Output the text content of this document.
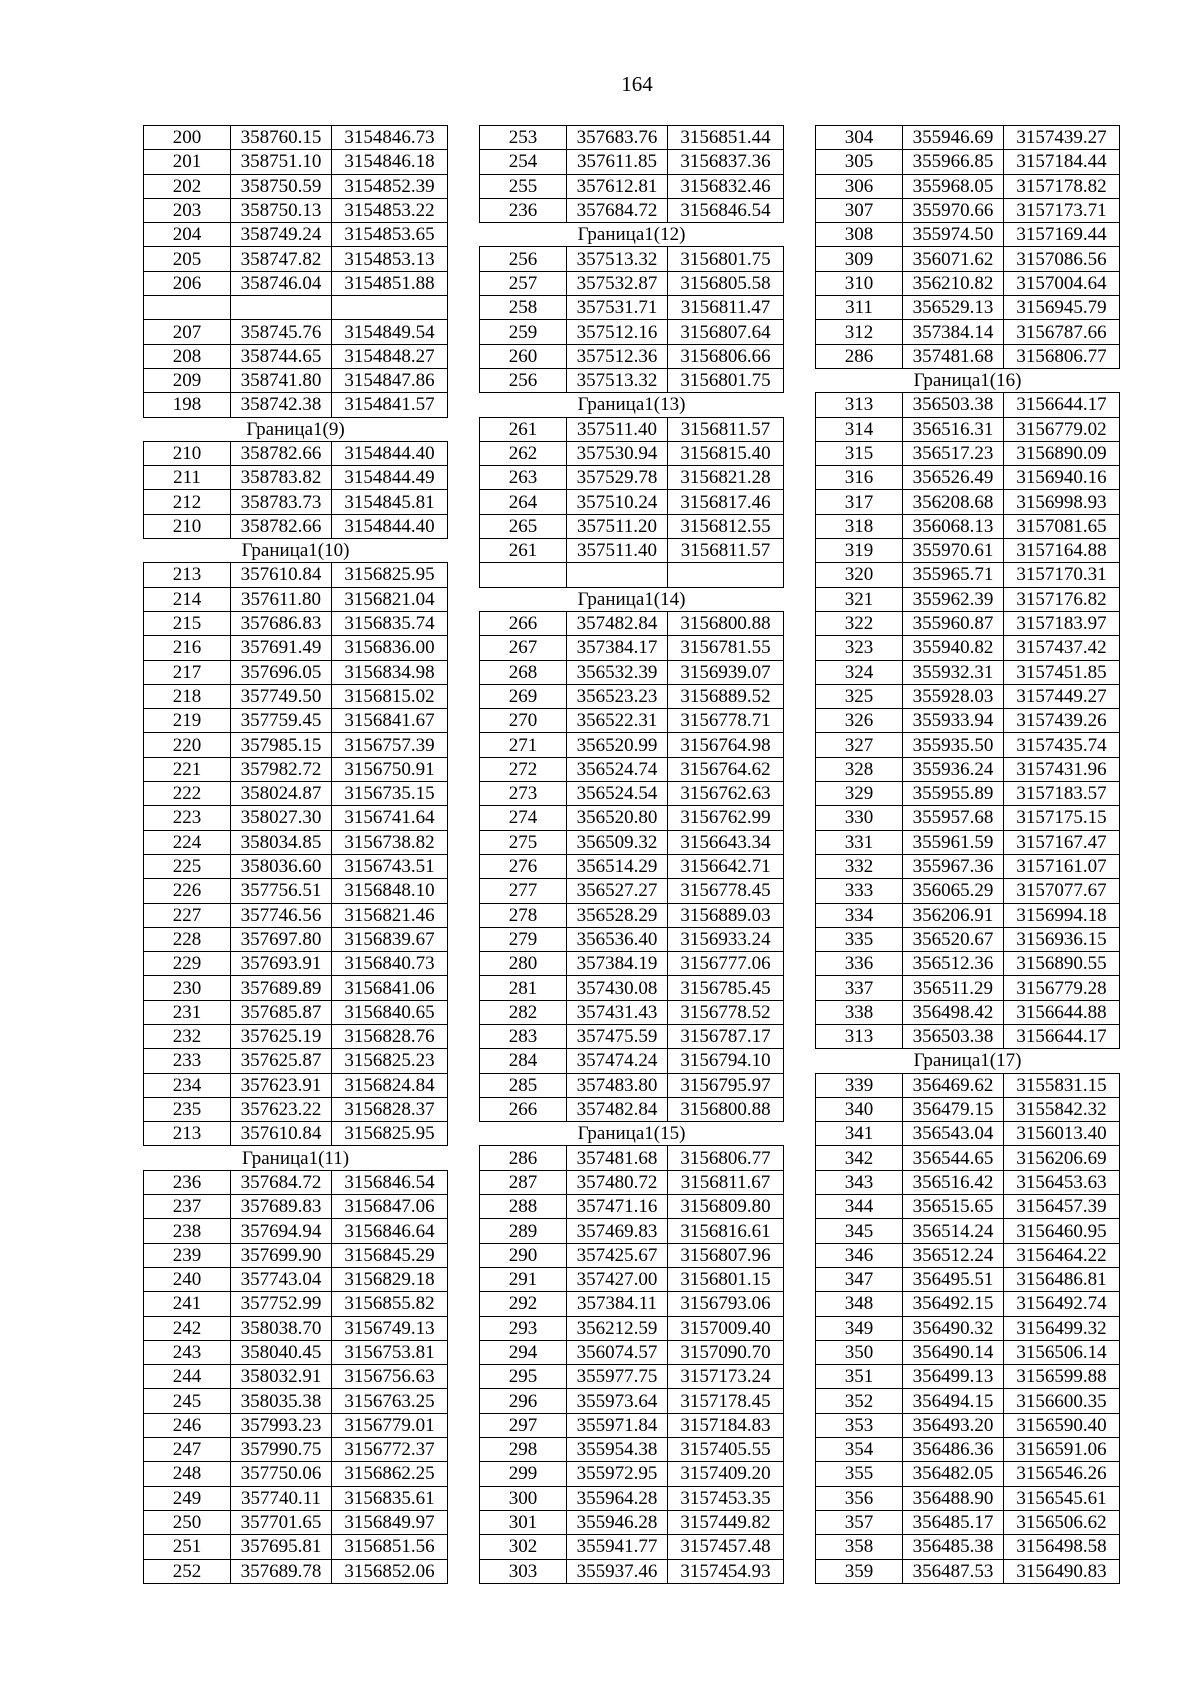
164
200	358760.15	3154846.73
201	358751.10	3154846.18
202	358750.59	3154852.39
203	358750.13	3154853.22
204	358749.24	3154853.65
205	358747.82	3154853.13
206	358746.04	3154851.88

207	358745.76	3154849.54
208	358744.65	3154848.27
209	358741.80	3154847.86
198	358742.38	3154841.57
Граница1(9)		
210	358782.66	3154844.40
211	358783.82	3154844.49
212	358783.73	3154845.81
210	358782.66	3154844.40
Граница1(10)		
213	357610.84	3156825.95
214	357611.80	3156821.04
215	357686.83	3156835.74
216	357691.49	3156836.00
217	357696.05	3156834.98
218	357749.50	3156815.02
219	357759.45	3156841.67
220	357985.15	3156757.39
221	357982.72	3156750.91
222	358024.87	3156735.15
223	358027.30	3156741.64
224	358034.85	3156738.82
225	358036.60	3156743.51
226	357756.51	3156848.10
227	357746.56	3156821.46
228	357697.80	3156839.67
229	357693.91	3156840.73
230	357689.89	3156841.06
231	357685.87	3156840.65
232	357625.19	3156828.76
233	357625.87	3156825.23
234	357623.91	3156824.84
235	357623.22	3156828.37
213	357610.84	3156825.95
Граница1(11)		
236	357684.72	3156846.54
237	357689.83	3156847.06
238	357694.94	3156846.64
239	357699.90	3156845.29
240	357743.04	3156829.18
241	357752.99	3156855.82
242	358038.70	3156749.13
243	358040.45	3156753.81
244	358032.91	3156756.63
245	358035.38	3156763.25
246	357993.23	3156779.01
247	357990.75	3156772.37
248	357750.06	3156862.25
249	357740.11	3156835.61
250	357701.65	3156849.97
251	357695.81	3156851.56
252	357689.78	3156852.06
253	357683.76	3156851.44
254	357611.85	3156837.36
255	357612.81	3156832.46
236	357684.72	3156846.54
Граница1(12)		
256	357513.32	3156801.75
257	357532.87	3156805.58
258	357531.71	3156811.47
259	357512.16	3156807.64
260	357512.36	3156806.66
256	357513.32	3156801.75
Граница1(13)		
261	357511.40	3156811.57
262	357530.94	3156815.40
263	357529.78	3156821.28
264	357510.24	3156817.46
265	357511.20	3156812.55
261	357511.40	3156811.57

Граница1(14)		
266	357482.84	3156800.88
267	357384.17	3156781.55
268	356532.39	3156939.07
269	356523.23	3156889.52
270	356522.31	3156778.71
271	356520.99	3156764.98
272	356524.74	3156764.62
273	356524.54	3156762.63
274	356520.80	3156762.99
275	356509.32	3156643.34
276	356514.29	3156642.71
277	356527.27	3156778.45
278	356528.29	3156889.03
279	356536.40	3156933.24
280	357384.19	3156777.06
281	357430.08	3156785.45
282	357431.43	3156778.52
283	357475.59	3156787.17
284	357474.24	3156794.10
285	357483.80	3156795.97
266	357482.84	3156800.88
Граница1(15)		
286	357481.68	3156806.77
287	357480.72	3156811.67
288	357471.16	3156809.80
289	357469.83	3156816.61
290	357425.67	3156807.96
291	357427.00	3156801.15
292	357384.11	3156793.06
293	356212.59	3157009.40
294	356074.57	3157090.70
295	355977.75	3157173.24
296	355973.64	3157178.45
297	355971.84	3157184.83
298	355954.38	3157405.55
299	355972.95	3157409.20
300	355964.28	3157453.35
301	355946.28	3157449.82
302	355941.77	3157457.48
303	355937.46	3157454.93
304	355946.69	3157439.27
305	355966.85	3157184.44
306	355968.05	3157178.82
307	355970.66	3157173.71
308	355974.50	3157169.44
309	356071.62	3157086.56
310	356210.82	3157004.64
311	356529.13	3156945.79
312	357384.14	3156787.66
286	357481.68	3156806.77
Граница1(16)		
313	356503.38	3156644.17
314	356516.31	3156779.02
315	356517.23	3156890.09
316	356526.49	3156940.16
317	356208.68	3156998.93
318	356068.13	3157081.65
319	355970.61	3157164.88
320	355965.71	3157170.31
321	355962.39	3157176.82
322	355960.87	3157183.97
323	355940.82	3157437.42
324	355932.31	3157451.85
325	355928.03	3157449.27
326	355933.94	3157439.26
327	355935.50	3157435.74
328	355936.24	3157431.96
329	355955.89	3157183.57
330	355957.68	3157175.15
331	355961.59	3157167.47
332	355967.36	3157161.07
333	356065.29	3157077.67
334	356206.91	3156994.18
335	356520.67	3156936.15
336	356512.36	3156890.55
337	356511.29	3156779.28
338	356498.42	3156644.88
313	356503.38	3156644.17
Граница1(17)		
339	356469.62	3155831.15
340	356479.15	3155842.32
341	356543.04	3156013.40
342	356544.65	3156206.69
343	356516.42	3156453.63
344	356515.65	3156457.39
345	356514.24	3156460.95
346	356512.24	3156464.22
347	356495.51	3156486.81
348	356492.15	3156492.74
349	356490.32	3156499.32
350	356490.14	3156506.14
351	356499.13	3156599.88
352	356494.15	3156600.35
353	356493.20	3156590.40
354	356486.36	3156591.06
355	356482.05	3156546.26
356	356488.90	3156545.61
357	356485.17	3156506.62
358	356485.38	3156498.58
359	356487.53	3156490.83
